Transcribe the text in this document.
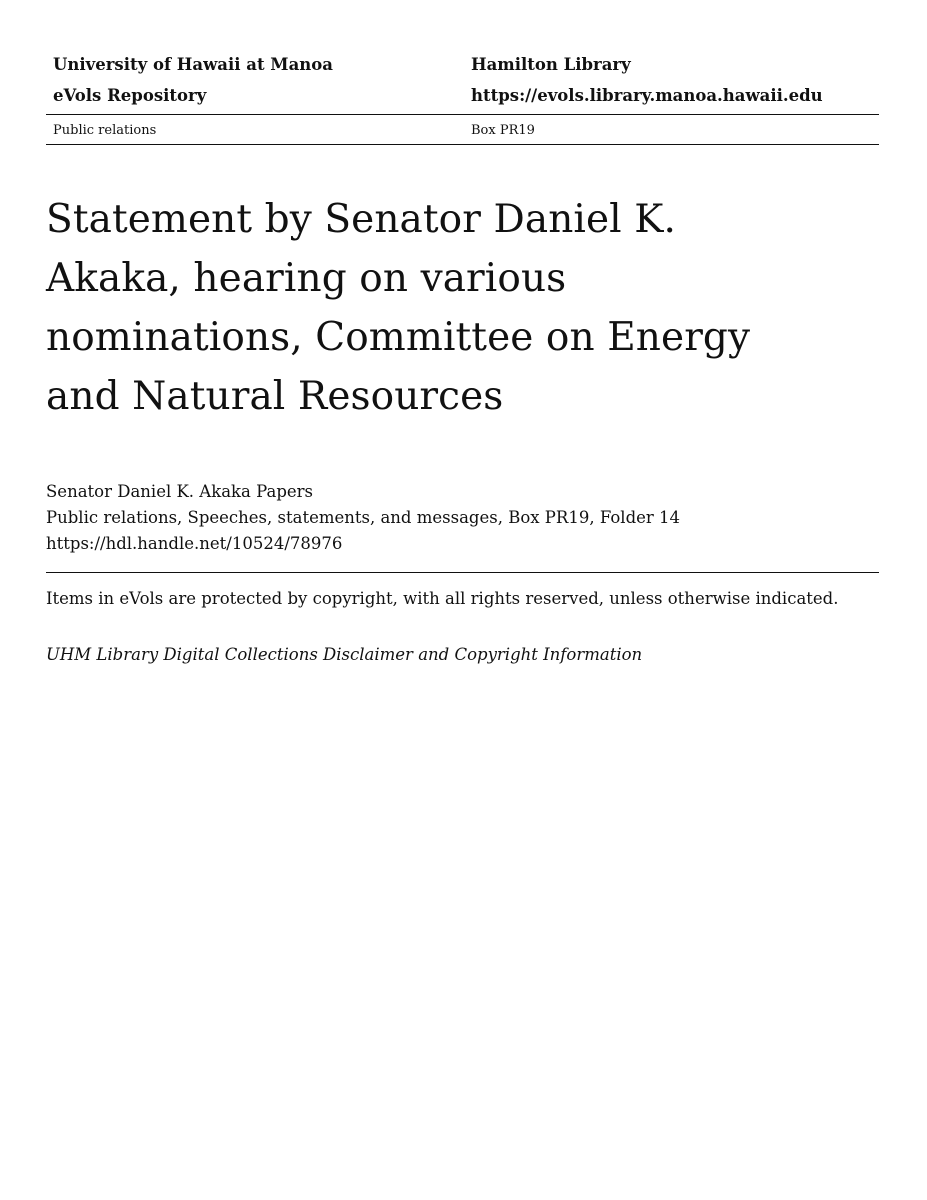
University of Hawaii at Manoa	Hamilton Library
eVols Repository	https://evols.library.manoa.hawaii.edu
Public relations	Box PR19
Statement by Senator Daniel K. Akaka, hearing on various nominations, Committee on Energy and Natural Resources
Senator Daniel K. Akaka Papers
Public relations, Speeches, statements, and messages, Box PR19, Folder 14
https://hdl.handle.net/10524/78976
Items in eVols are protected by copyright, with all rights reserved, unless otherwise indicated.
UHM Library Digital Collections Disclaimer and Copyright Information
